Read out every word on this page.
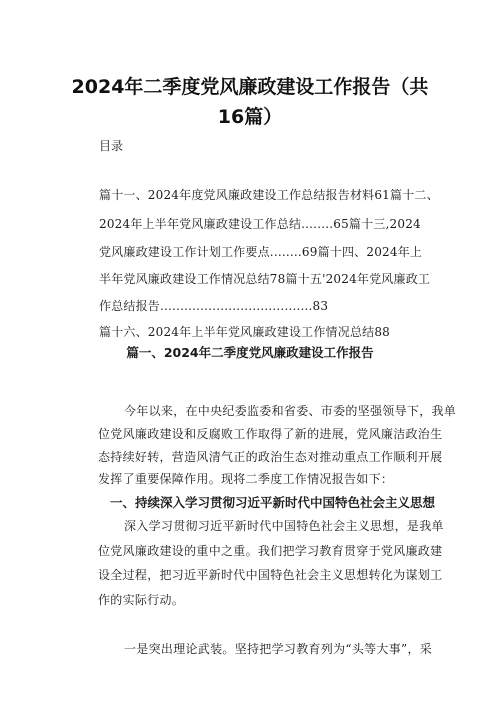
2024年二季度党风廉政建设工作报告（共
16篇）
目录
篇十一、2024年度党风廉政建设工作总结报告材料61篇十二、
2024年上半年党风廉政建设工作总结........65篇十三,2024
党风廉政建设工作计划工作要点........69篇十四、2024年上
半年党风廉政建设工作情况总结78篇十五'2024年党风廉政工
作总结报告......................................83
篇十六、2024年上半年党风廉政建设工作情况总结88
篇一、2024年二季度党风廉政建设工作报告
今年以来，在中央纪委监委和省委、市委的坚强领导下，我单
位党风廉政建设和反腐败工作取得了新的进展，党风廉洁政治生
态持续好转，营造风清气正的政治生态对推动重点工作顺利开展
发挥了重要保障作用。现将二季度工作情况报告如下：
一、持续深入学习贯彻习近平新时代中国特色社会主义思想
深入学习贯彻习近平新时代中国特色社会主义思想，是我单
位党风廉政建设的重中之重。我们把学习教育贯穿于党风廉政建
设全过程，把习近平新时代中国特色社会主义思想转化为谋划工
作的实际行动。
一是突出理论武装。坚持把学习教育列为“头等大事”，采
